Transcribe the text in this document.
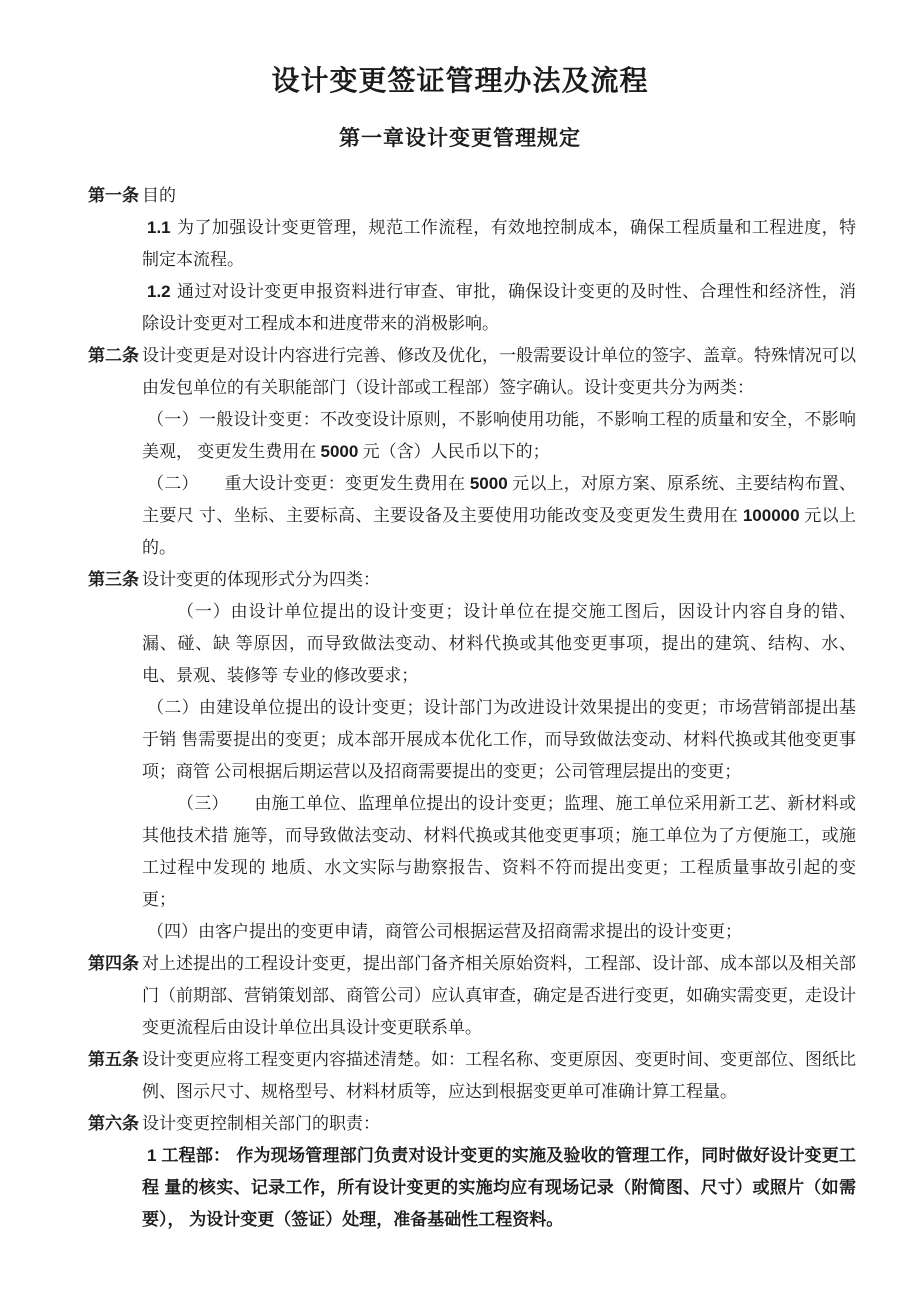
设计变更签证管理办法及流程
第一章设计变更管理规定
第一条 目的

1.1 为了加强设计变更管理，规范工作流程，有效地控制成本，确保工程质量和工程进度，特制定本流程。

1.2 通过对设计变更申报资料进行审查、审批，确保设计变更的及时性、合理性和经济性，消除设计变更对工程成本和进度带来的消极影响。

第二条 设计变更是对设计内容进行完善、修改及优化，一般需要设计单位的签字、盖章。特殊情况可以由发包单位的有关职能部门（设计部或工程部）签字确认。设计变更共分为两类：

（一）一般设计变更：不改变设计原则，不影响使用功能，不影响工程的质量和安全，不影响美观， 变更发生费用在 5000 元（含）人民币以下的；

（二）　　重大设计变更：变更发生费用在 5000 元以上，对原方案、原系统、主要结构布置、主要尺 寸、坐标、主要标高、主要设备及主要使用功能改变及变更发生费用在 100000 元以上的。

第三条 设计变更的体现形式分为四类：

（一）由设计单位提出的设计变更；设计单位在提交施工图后，因设计内容自身的错、漏、碰、缺 等原因，而导致做法变动、材料代换或其他变更事项，提出的建筑、结构、水、电、景观、装修等 专业的修改要求；

（二）由建设单位提出的设计变更；设计部门为改进设计效果提出的变更；市场营销部提出基于销 售需要提出的变更；成本部开展成本优化工作，而导致做法变动、材料代换或其他变更事项；商管 公司根据后期运营以及招商需要提出的变更；公司管理层提出的变更；

（三）　　由施工单位、监理单位提出的设计变更；监理、施工单位采用新工艺、新材料或其他技术措 施等，而导致做法变动、材料代换或其他变更事项；施工单位为了方便施工，或施工过程中发现的 地质、水文实际与勘察报告、资料不符而提出变更；工程质量事故引起的变更；

（四）由客户提出的变更申请，商管公司根据运营及招商需求提出的设计变更；

第四条 对上述提出的工程设计变更，提出部门备齐相关原始资料，工程部、设计部、成本部以及相关部门（前期部、营销策划部、商管公司）应认真审查，确定是否进行变更，如确实需变更，走设计变更流程后由设计单位出具设计变更联系单。
第五条 设计变更应将工程变更内容描述清楚。如：工程名称、变更原因、变更时间、变更部位、图纸比例、图示尺寸、规格型号、材料材质等，应达到根据变更单可准确计算工程量。
第六条 设计变更控制相关部门的职责：

1 工程部： 作为现场管理部门负责对设计变更的实施及验收的管理工作，同时做好设计变更工程 量的核实、记录工作，所有设计变更的实施均应有现场记录（附简图、尺寸）或照片（如需要）， 为设计变更（签证）处理，准备基础性工程资料。
